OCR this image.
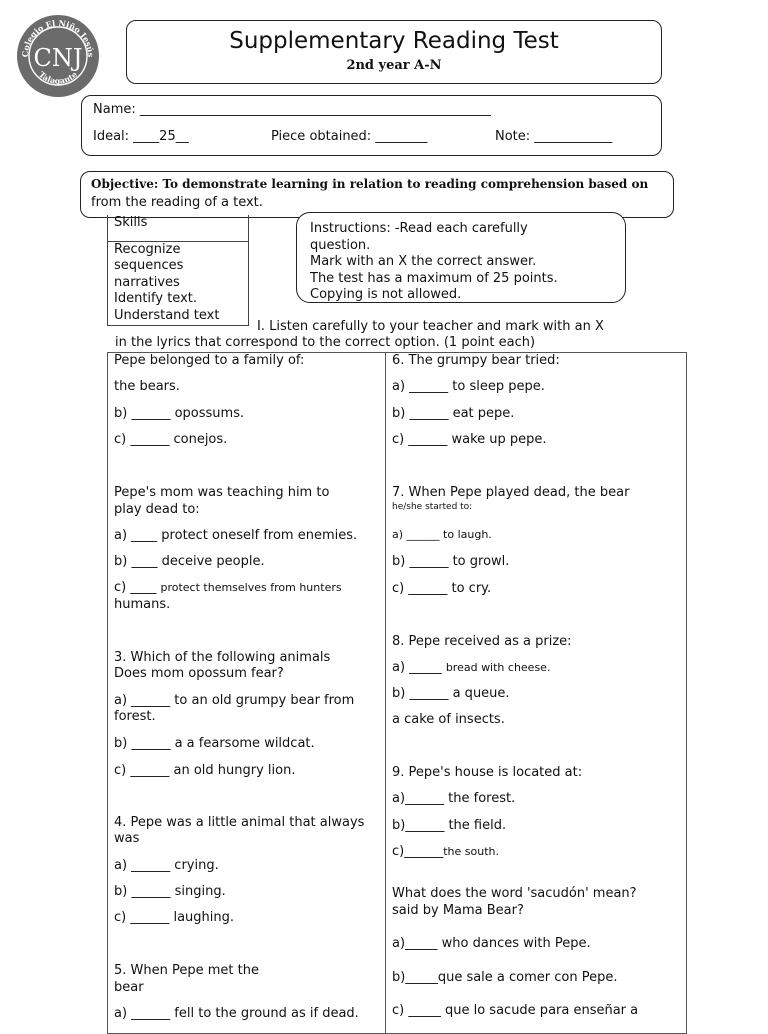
Colegio El Niño Jesús
Talagante
CNJ
Supplementary Reading Test
2nd year A-N
Name: ______________________________________________________
Ideal: ____25__	Piece obtained: ________	Note: ____________
Objective: To demonstrate learning in relation to reading comprehension based on
from the reading of a text.
Skills
Recognize
sequences
narratives
Identify text.
Understand text
Instructions: -Read each carefully
question.
Mark with an X the correct answer.
The test has a maximum of 25 points.
Copying is not allowed.
I. Listen carefully to your teacher and mark with an X
in the lyrics that correspond to the correct option. (1 point each)
Pepe belonged to a family of:
the bears.
b) ______ opossums.
c) ______ conejos.
Pepe's mom was teaching him to
play dead to:
a) ____ protect oneself from enemies.
b) ____ deceive people.
c) ____ protect themselves from hunters
humans.
3. Which of the following animals
Does mom opossum fear?
a) ______ to an old grumpy bear from
forest.
b) ______ a a fearsome wildcat.
c) ______ an old hungry lion.
4. Pepe was a little animal that always
was
a) ______ crying.
b) ______ singing.
c) ______ laughing.
5. When Pepe met the
bear
a) ______ fell to the ground as if dead.
6. The grumpy bear tried:
a) ______ to sleep pepe.
b) ______ eat pepe.
c) ______ wake up pepe.
7. When Pepe played dead, the bear
he/she started to:
a) ______ to laugh.
b) ______ to growl.
c) ______ to cry.
8. Pepe received as a prize:
a) _____ bread with cheese.
b) ______ a queue.
a cake of insects.
9. Pepe's house is located at:
a)______ the forest.
b)______ the field.
c)______the south.
What does the word 'sacudón' mean?
said by Mama Bear?
a)_____ who dances with Pepe.
b)_____que sale a comer con Pepe.
c) _____ que lo sacude para enseñar a
